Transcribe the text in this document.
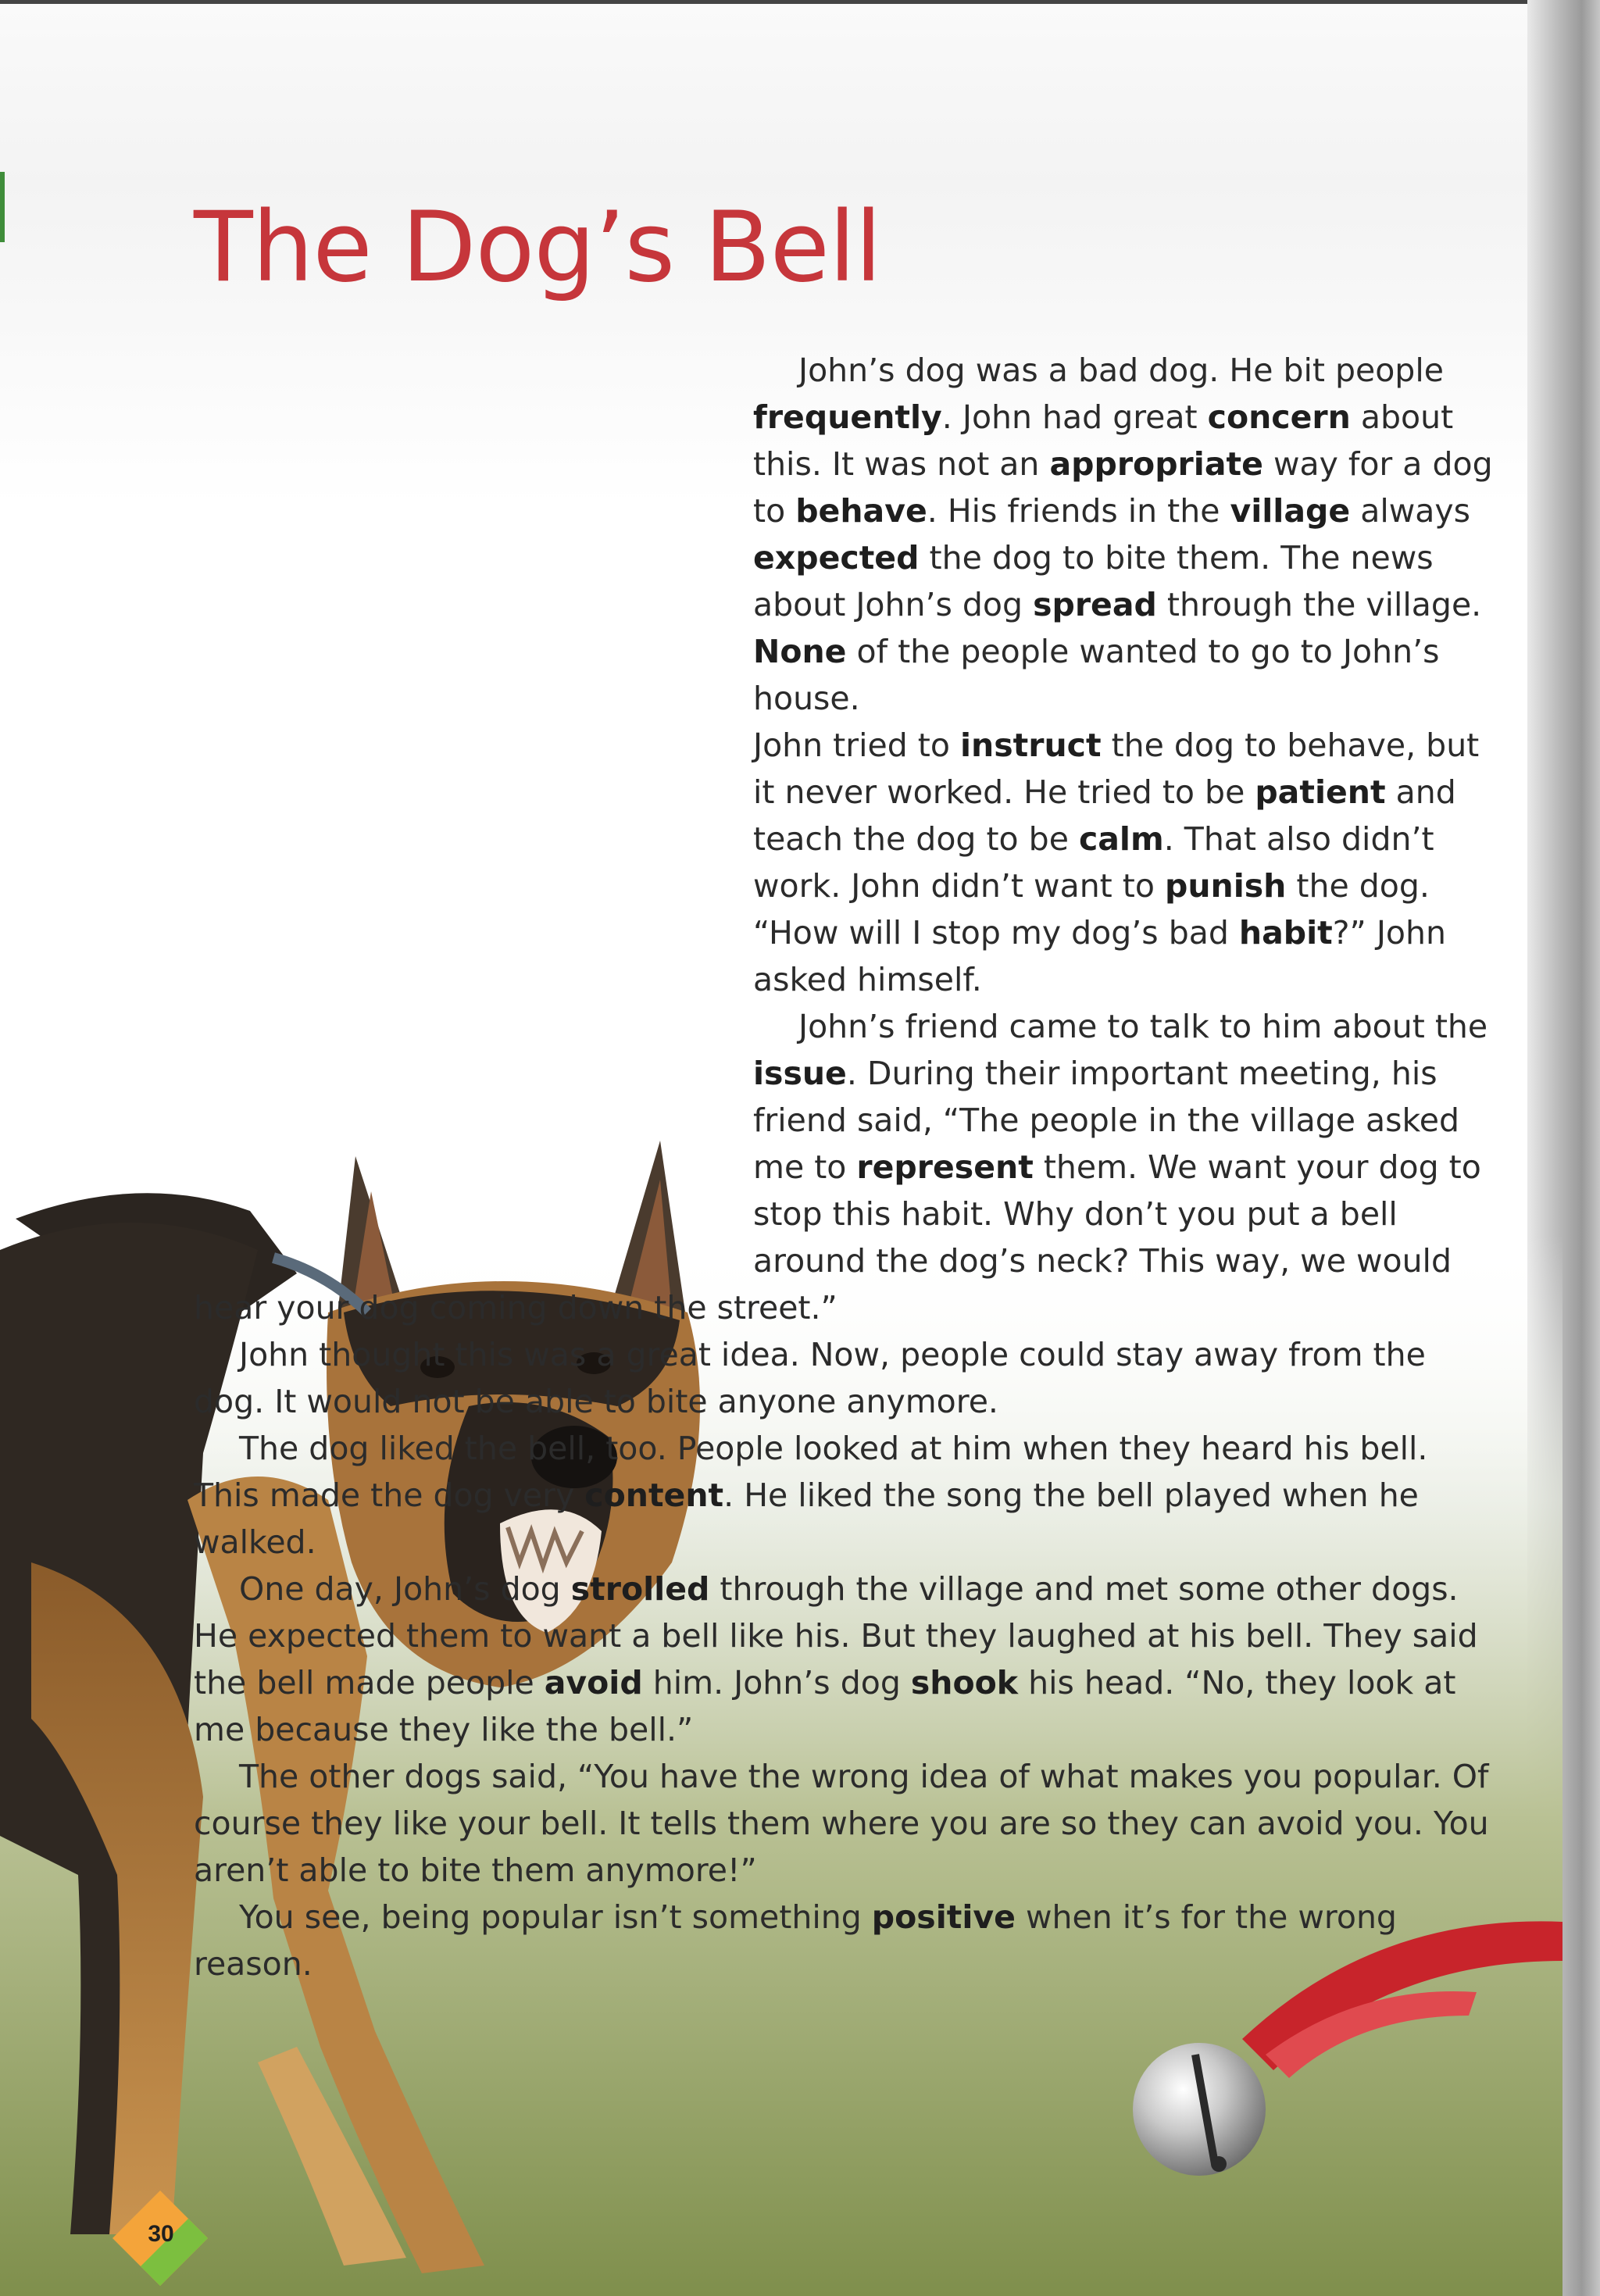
The Dog’s Bell

John’s dog was a bad dog. He bit people frequently. John had great concern about this. It was not an appropriate way for a dog to behave. His friends in the village always expected the dog to bite them. The news about John’s dog spread through the village. None of the people wanted to go to John’s house.

John tried to instruct the dog to behave, but it never worked. He tried to be patient and teach the dog to be calm. That also didn’t work. John didn’t want to punish the dog. “How will I stop my dog’s bad habit?” John asked himself.

John’s friend came to talk to him about the issue. During their important meeting, his friend said, “The people in the village asked me to represent them. We want your dog to stop this habit. Why don’t you put a bell around the dog’s neck? This way, we would hear your dog coming down the street.”

John thought this was a great idea. Now, people could stay away from the dog. It would not be able to bite anyone anymore.

The dog liked the bell, too. People looked at him when they heard his bell. This made the dog very content. He liked the song the bell played when he walked.

One day, John’s dog strolled through the village and met some other dogs. He expected them to want a bell like his. But they laughed at his bell. They said the bell made people avoid him. John’s dog shook his head. “No, they look at me because they like the bell.”

The other dogs said, “You have the wrong idea of what makes you popular. Of course they like your bell. It tells them where you are so they can avoid you. You aren’t able to bite them anymore!”

You see, being popular isn’t something positive when it’s for the wrong reason.

30
